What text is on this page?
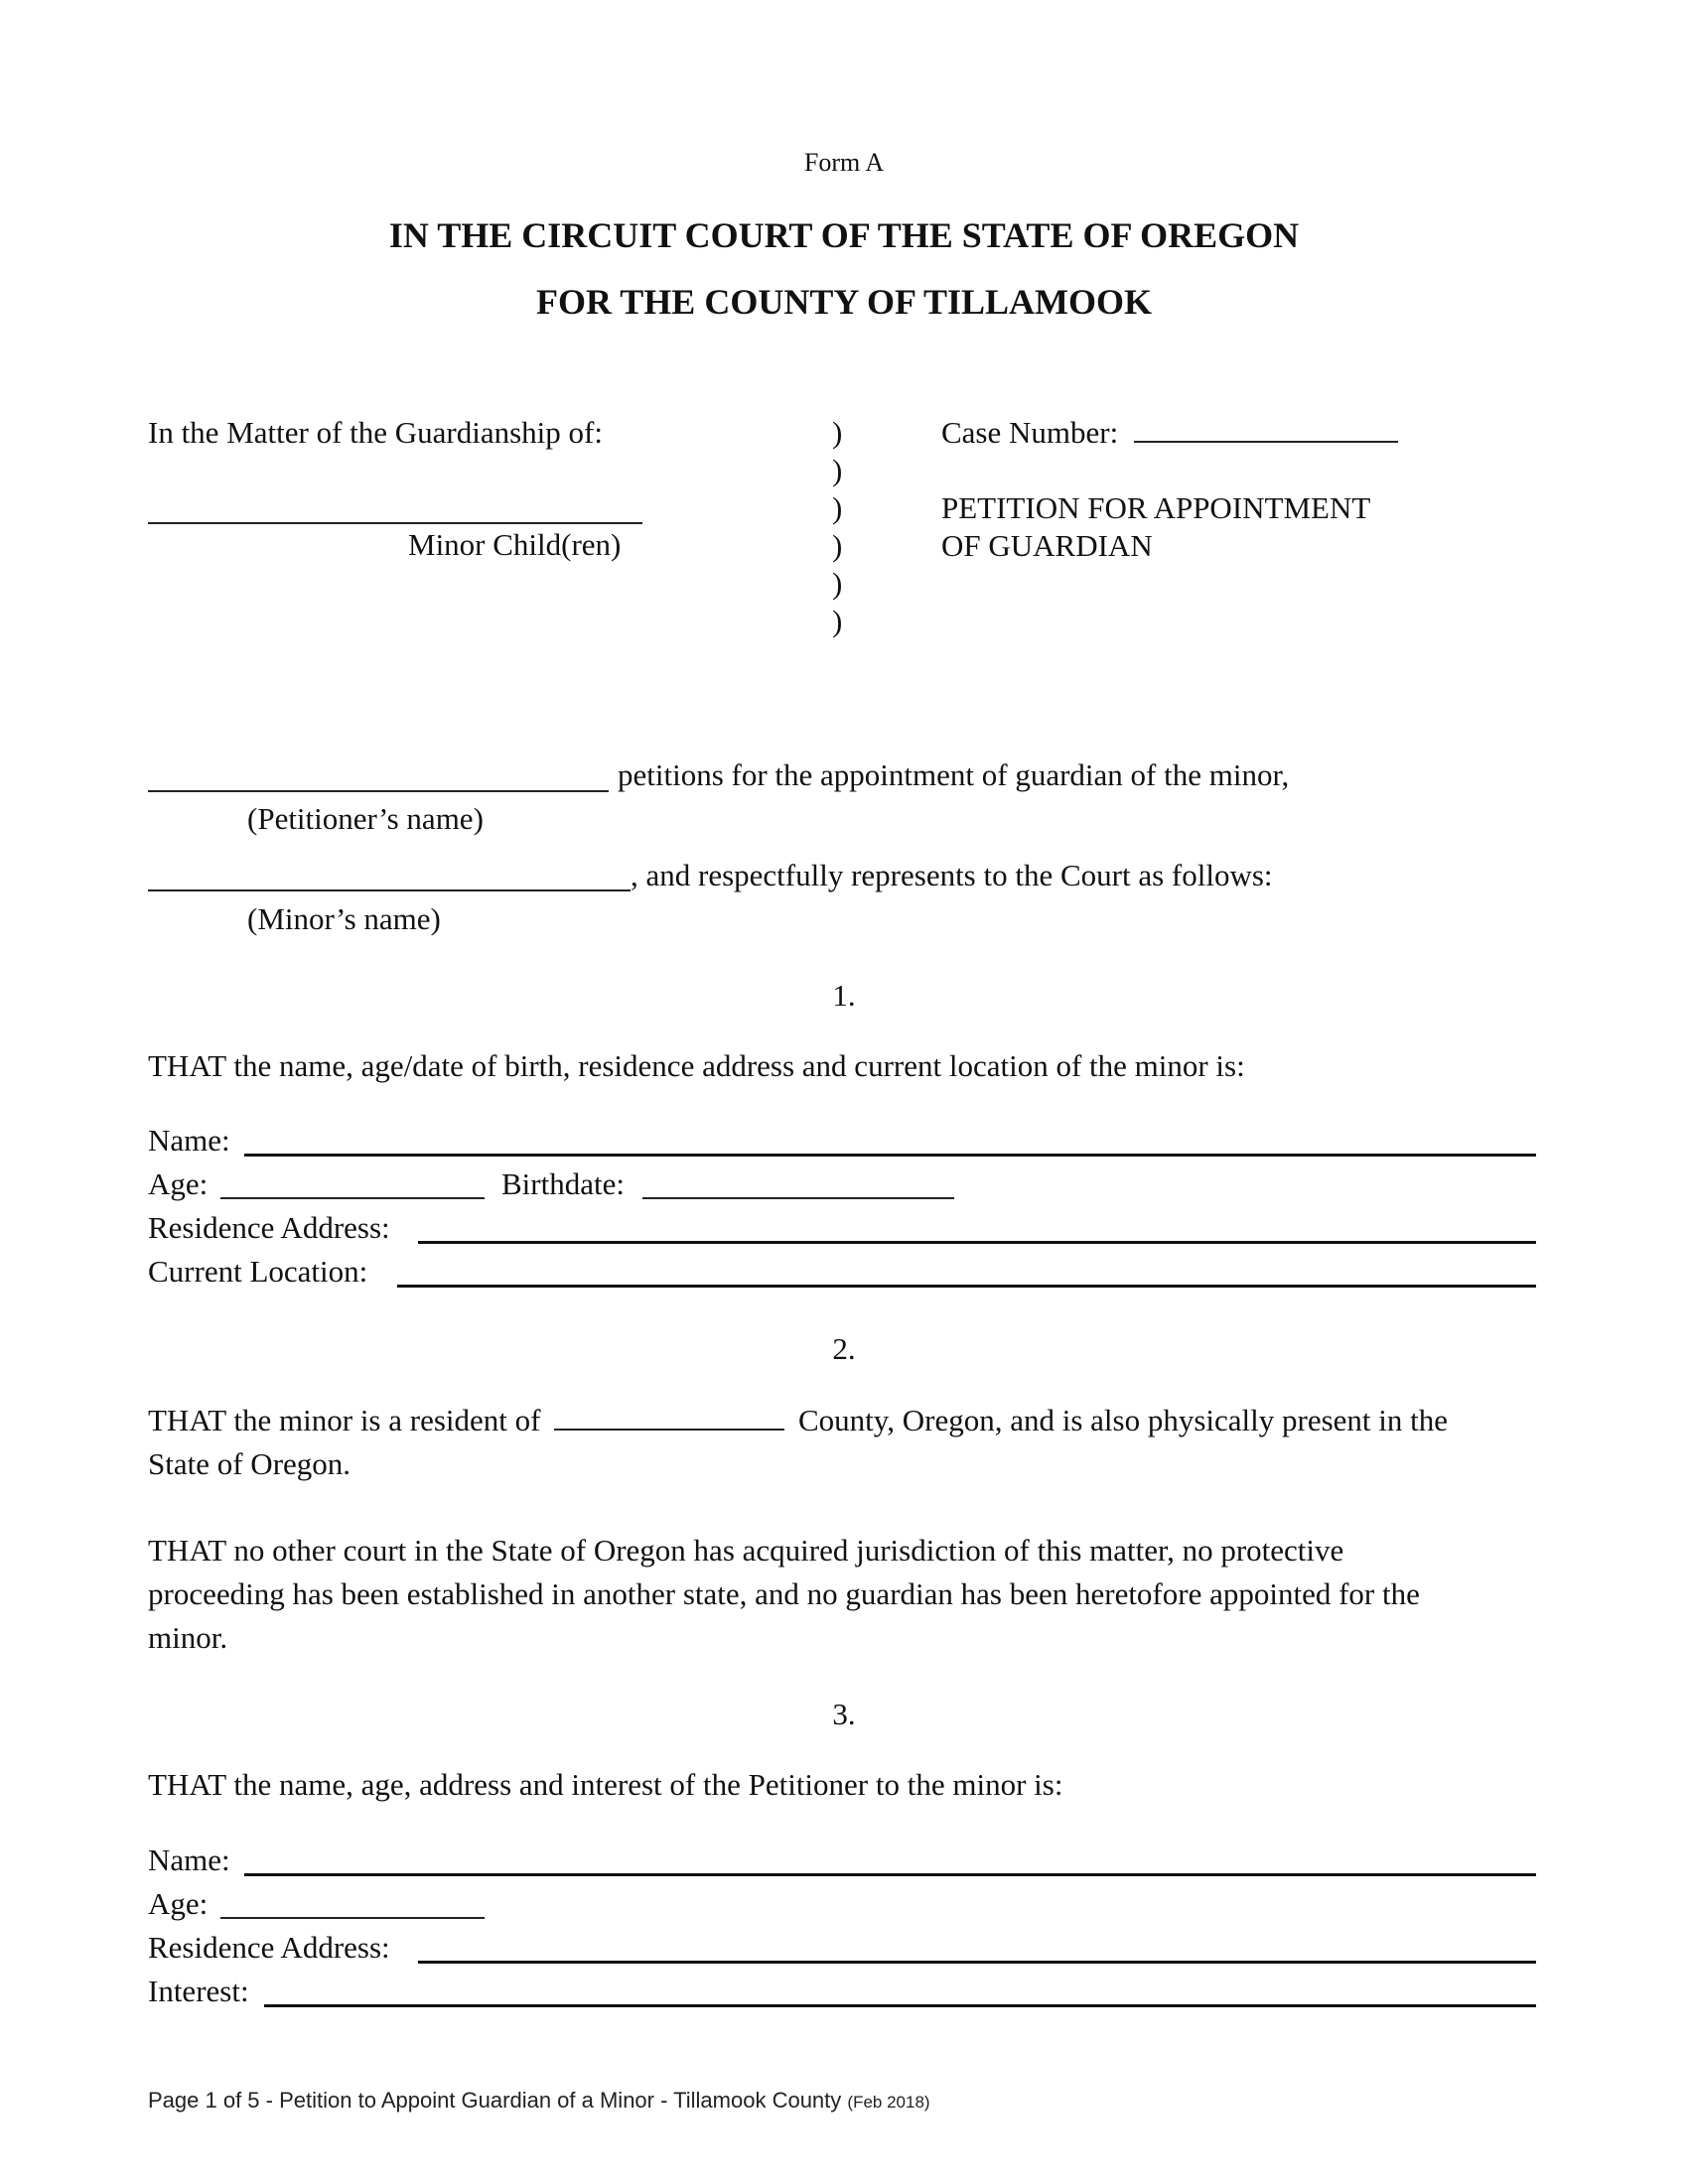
Form A
IN THE CIRCUIT COURT OF THE STATE OF OREGON
FOR THE COUNTY OF TILLAMOOK
In the Matter of the Guardianship of:
Minor Child(ren)
)
)
)
)
)
)
Case Number:
PETITION FOR APPOINTMENT
OF GUARDIAN
petitions for the appointment of guardian of the minor,
(Petitioner’s name)
, and respectfully represents to the Court as follows:
(Minor’s name)
1.
THAT the name, age/date of birth, residence address and current location of the minor is:
Name:
Age:	Birthdate:
Residence Address:
Current Location:
2.
THAT the minor is a resident of	County, Oregon, and is also physically present in the
State of Oregon.
THAT no other court in the State of Oregon has acquired jurisdiction of this matter, no protective
proceeding has been established in another state, and no guardian has been heretofore appointed for the
minor.
3.
THAT the name, age, address and interest of the Petitioner to the minor is:
Name:
Age:
Residence Address:
Interest:
Page 1 of 5 - Petition to Appoint Guardian of a Minor - Tillamook County (Feb 2018)
